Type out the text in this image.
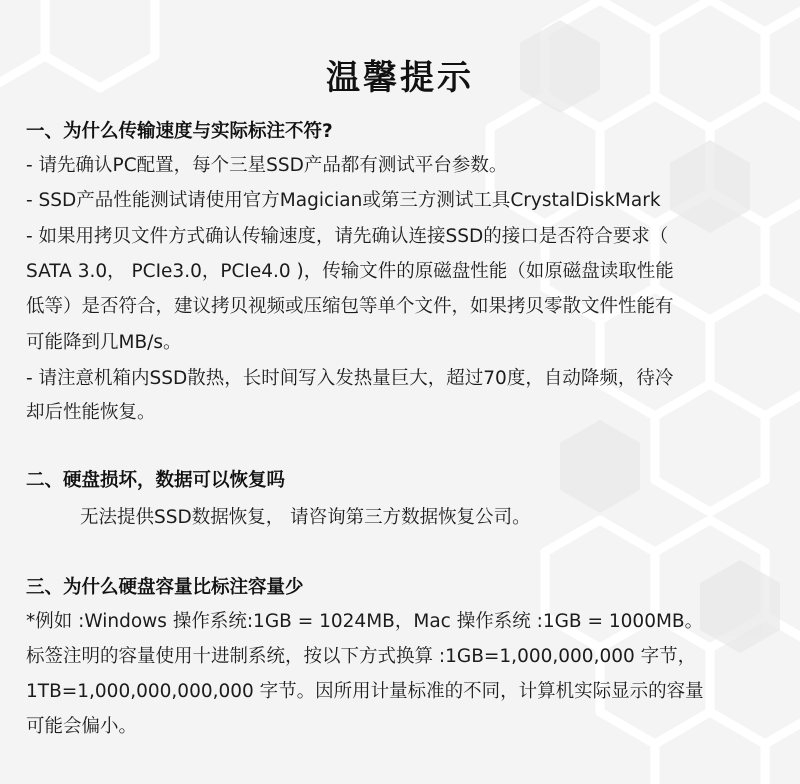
温馨提示
一、为什么传输速度与实际标注不符?
- 请先确认PC配置，每个三星SSD产品都有测试平台参数。
- SSD产品性能测试请使用官方Magician或第三方测试工具CrystalDiskMark
- 如果用拷贝文件方式确认传输速度，请先确认连接SSD的接口是否符合要求（
SATA 3.0， PCIe3.0，PCIe4.0 )，传输文件的原磁盘性能（如原磁盘读取性能
低等）是否符合，建议拷贝视频或压缩包等单个文件，如果拷贝零散文件性能有
可能降到几MB/s。
- 请注意机箱内SSD散热，长时间写入发热量巨大，超过70度，自动降频，待冷
却后性能恢复。
二、硬盘损坏，数据可以恢复吗
无法提供SSD数据恢复， 请咨询第三方数据恢复公司。
三、为什么硬盘容量比标注容量少
*例如 :Windows 操作系统:1GB = 1024MB，Mac 操作系统 :1GB = 1000MB。
标签注明的容量使用十进制系统，按以下方式换算 :1GB=1,000,000,000 字节，
1TB=1,000,000,000,000 字节。因所用计量标准的不同，计算机实际显示的容量
可能会偏小。
